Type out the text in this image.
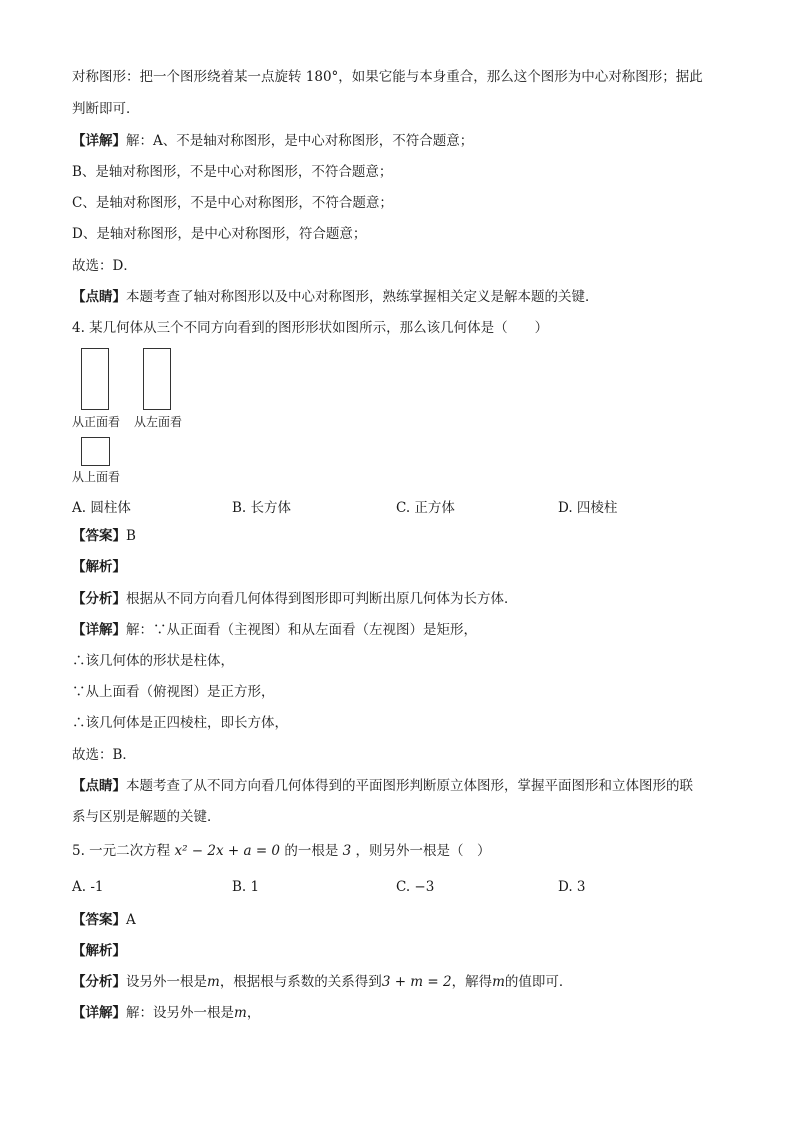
对称图形：把一个图形绕着某一点旋转 180°，如果它能与本身重合，那么这个图形为中心对称图形；据此
判断即可．
【详解】解：A、不是轴对称图形，是中心对称图形，不符合题意；
B、是轴对称图形，不是中心对称图形，不符合题意；
C、是轴对称图形，不是中心对称图形，不符合题意；
D、是轴对称图形，是中心对称图形，符合题意；
故选：D．
【点睛】本题考查了轴对称图形以及中心对称图形，熟练掌握相关定义是解本题的关键．
4. 某几何体从三个不同方向看到的图形形状如图所示，那么该几何体是（　　）
从正面看 从左面看
从上面看
A. 圆柱体	B. 长方体	C. 正方体	D. 四棱柱
【答案】B
【解析】
【分析】根据从不同方向看几何体得到图形即可判断出原几何体为长方体．
【详解】解：∵从正面看（主视图）和从左面看（左视图）是矩形，
∴该几何体的形状是柱体，
∵从上面看（俯视图）是正方形，
∴该几何体是正四棱柱，即长方体，
故选：B．
【点睛】本题考查了从不同方向看几何体得到的平面图形判断原立体图形，掌握平面图形和立体图形的联
系与区别是解题的关键．
5. 一元二次方程 x² − 2x + a = 0 的一根是 3 ，则另外一根是（　）
A. -1	B. 1	C. −3	D. 3
【答案】A
【解析】
【分析】设另外一根是m，根据根与系数的关系得到3 + m = 2，解得m的值即可．
【详解】解：设另外一根是m，
